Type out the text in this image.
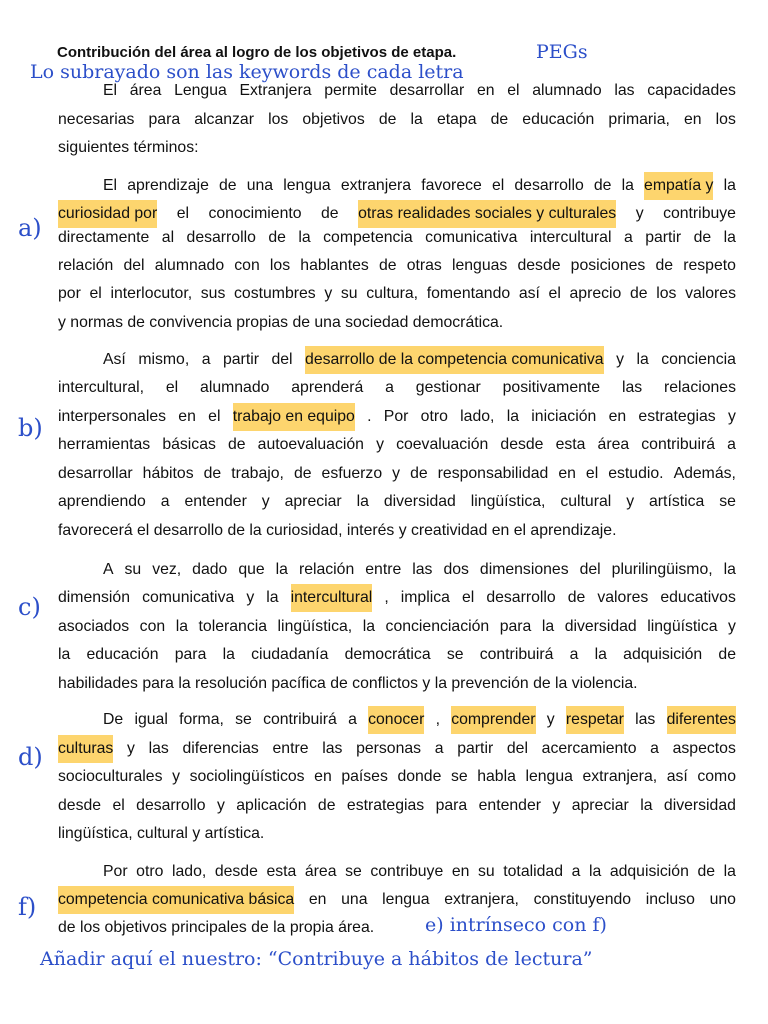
Contribución del área al logro de los objetivos de etapa.	PEGs
Lo subrayado son las keywords de cada letra
a)
b)
c)
d)
f)
El área Lengua Extranjera permite desarrollar en el alumnado las capacidades
necesarias para alcanzar los objetivos de la etapa de educación primaria, en los
siguientes términos:
El aprendizaje de una lengua extranjera favorece el desarrollo de la empatía y la
curiosidad por el conocimiento de otras realidades sociales y culturales y contribuye
directamente al desarrollo de la competencia comunicativa intercultural a partir de la
relación del alumnado con los hablantes de otras lenguas desde posiciones de respeto
por el interlocutor, sus costumbres y su cultura, fomentando así el aprecio de los valores
y normas de convivencia propias de una sociedad democrática.
Así mismo, a partir del desarrollo de la competencia comunicativa y la conciencia
intercultural, el alumnado aprenderá a gestionar positivamente las relaciones
interpersonales en el trabajo en equipo . Por otro lado, la iniciación en estrategias y
herramientas básicas de autoevaluación y coevaluación desde esta área contribuirá a
desarrollar hábitos de trabajo, de esfuerzo y de responsabilidad en el estudio. Además,
aprendiendo a entender y apreciar la diversidad lingüística, cultural y artística se
favorecerá el desarrollo de la curiosidad, interés y creatividad en el aprendizaje.
A su vez, dado que la relación entre las dos dimensiones del plurilingüismo, la
dimensión comunicativa y la intercultural , implica el desarrollo de valores educativos
asociados con la tolerancia lingüística, la concienciación para la diversidad lingüística y
la educación para la ciudadanía democrática se contribuirá a la adquisición de
habilidades para la resolución pacífica de conflictos y la prevención de la violencia.
De igual forma, se contribuirá a conocer , comprender y respetar las diferentes
culturas y las diferencias entre las personas a partir del acercamiento a aspectos
socioculturales y sociolingüísticos en países donde se habla lengua extranjera, así como
desde el desarrollo y aplicación de estrategias para entender y apreciar la diversidad
lingüística, cultural y artística.
Por otro lado, desde esta área se contribuye en su totalidad a la adquisición de la
competencia comunicativa básica en una lengua extranjera, constituyendo incluso uno
de los objetivos principales de la propia área.	e) intrínseco con f)
Añadir aquí el nuestro: “Contribuye a hábitos de lectura”
